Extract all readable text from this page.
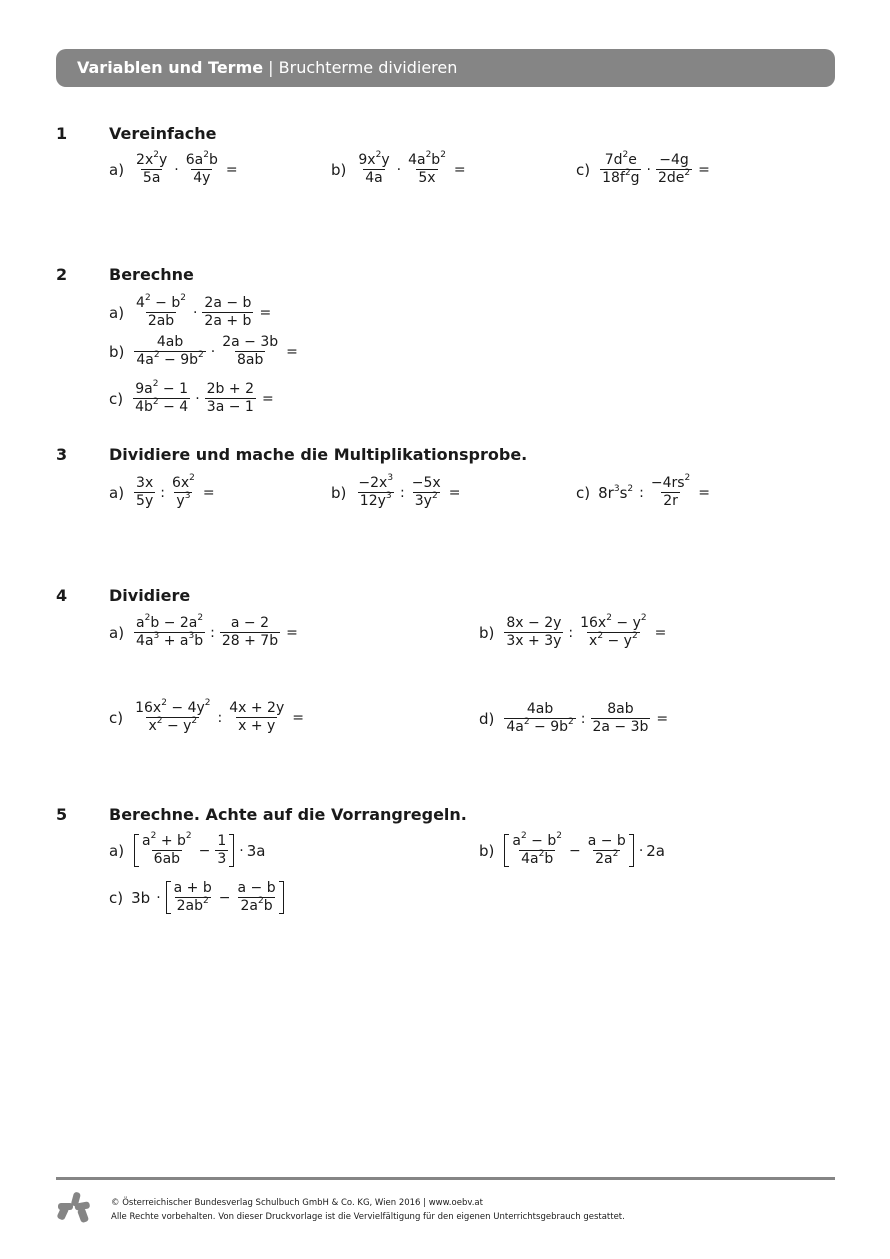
Variablen und Terme | Bruchterme dividieren
1	Vereinfache
$a) \frac{2x^2y}{5a} \cdot \frac{6a^2b}{4y}$ =	$b) \frac{9x^2y}{4a} \cdot \frac{4a^2b^2}{5x}$ =	$c) \frac{7d^2e}{18f^2g} \cdot \frac{-4g}{2de^2}$ =
2	Berechne
$a) \frac{4^2 - b^2}{2ab} \cdot \frac{2a - b}{2a + b}$ =
$b) \frac{4ab}{4a^2 - 9b^2} \cdot \frac{2a - 3b}{8ab}$ =
$c) \frac{9a^2 - 1}{4b^2 - 4} \cdot \frac{2b + 2}{3a - 1}$ =
3	Dividiere und mache die Multiplikationsprobe.
$a) \frac{3x}{5y}$ : $\frac{6x^2}{y^3}$ =	$b) \frac{-2x^3}{12y^3}$ : $\frac{-5x}{3y^2}$ =	c) $8r^3s^2$ : $\frac{-4rs^2}{2r}$ =
4	Dividiere
$a) \frac{a^2b - 2a^2}{4a^3 + a^3b}$ : $\frac{a - 2}{28 + 7b}$ =	$b) \frac{8x - 2y}{3x + 3y}$ : $\frac{16x^2 - y^2}{x^2 - y^2}$ =
$c) \frac{16x^2 - 4y^2}{x^2 - y^2}$ : $\frac{4x + 2y}{x + y}$ =	$d) \frac{4ab}{4a^2 - 9b^2}$ : $\frac{8ab}{2a - 3b}$ =
5	Berechne. Achte auf die Vorrangregeln.
$a) \frac{a^2 + b^2}{6ab} - \frac{1}{3} \cdot 3a$	$b) \frac{a^2 - b^2}{4a^2b} - \frac{a - b}{2a^2} \cdot 2a$
c) $3b \cdot \frac{a + b}{2ab^2} - \frac{a - b}{2a^2b}$
© Österreichischer Bundesverlag Schulbuch GmbH & Co. KG, Wien 2016 | www.oebv.at
Alle Rechte vorbehalten. Von dieser Druckvorlage ist die Vervielfältigung für den eigenen Unterrichtsgebrauch gestattet.
